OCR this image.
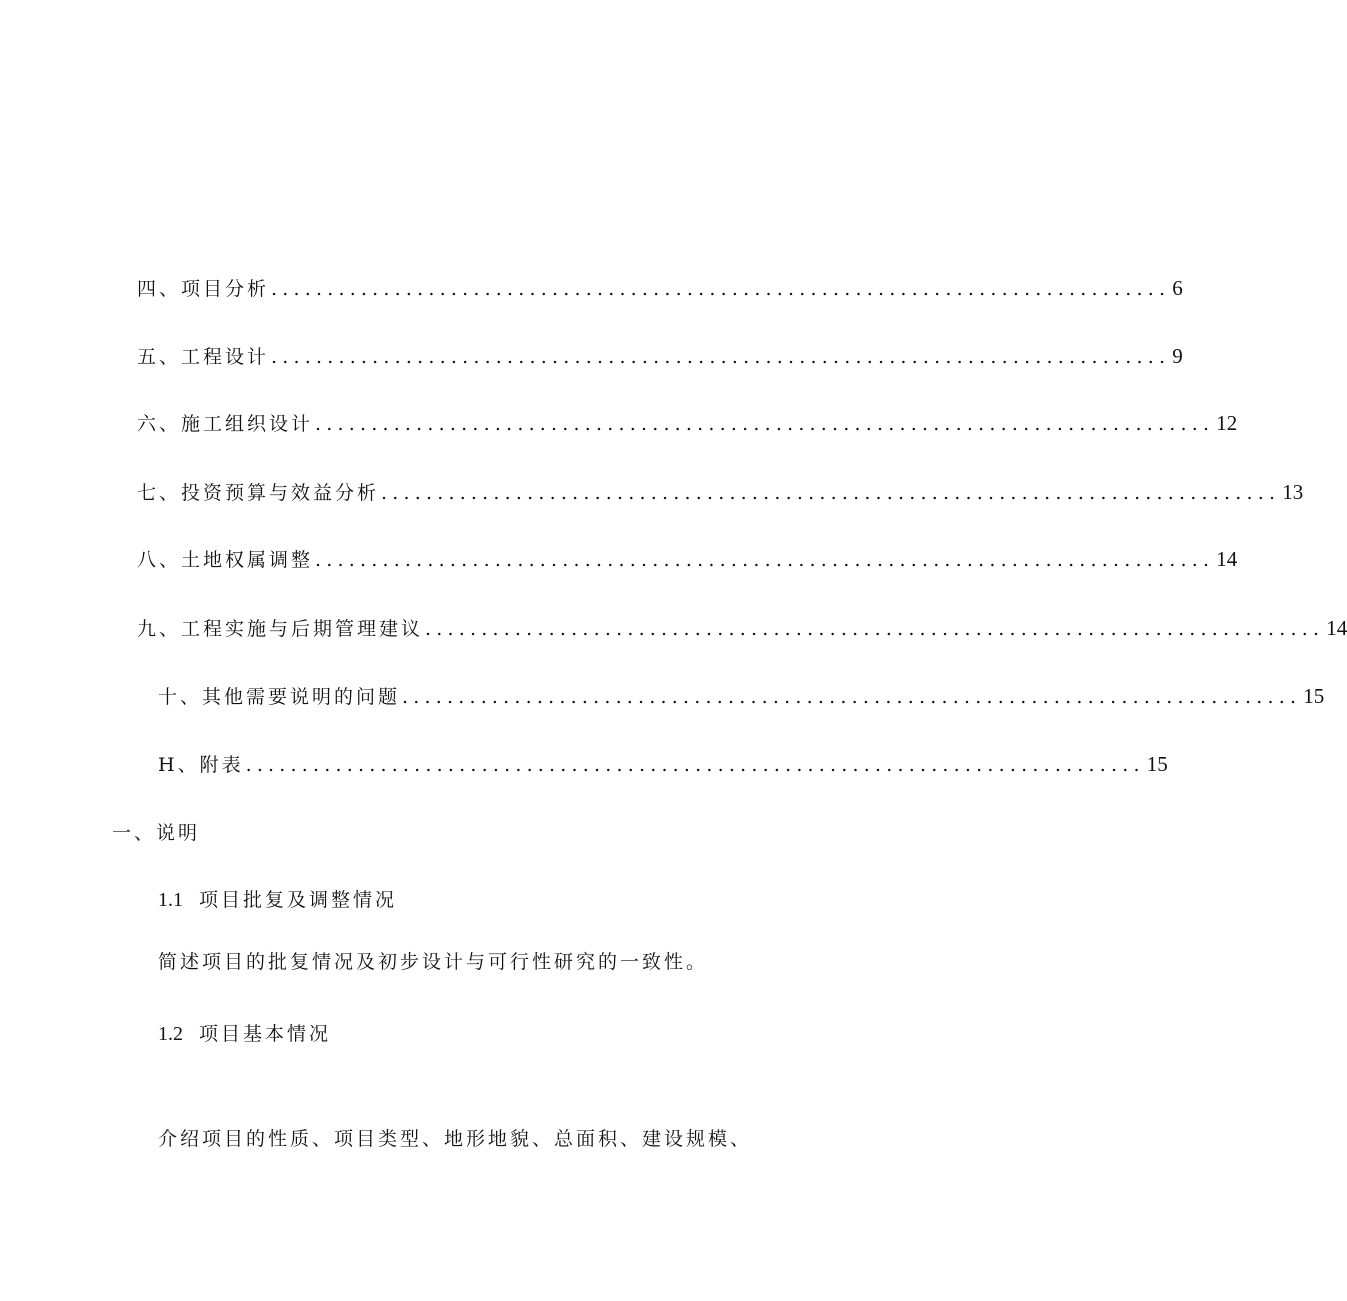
四、项目分析 ................................................................................ 6
五、工程设计 ................................................................................ 9
六、施工组织设计 ................................................................................ 12
七、投资预算与效益分析 ................................................................................ 13
八、土地权属调整 ................................................................................ 14
九、工程实施与后期管理建议 ................................................................................ 14
十、其他需要说明的问题 ................................................................................ 15
H、附表 ................................................................................ 15
一、说明
1.1 项目批复及调整情况
简述项目的批复情况及初步设计与可行性研究的一致性。
1.2 项目基本情况
介绍项目的性质、项目类型、地形地貌、总面积、建设规模、
